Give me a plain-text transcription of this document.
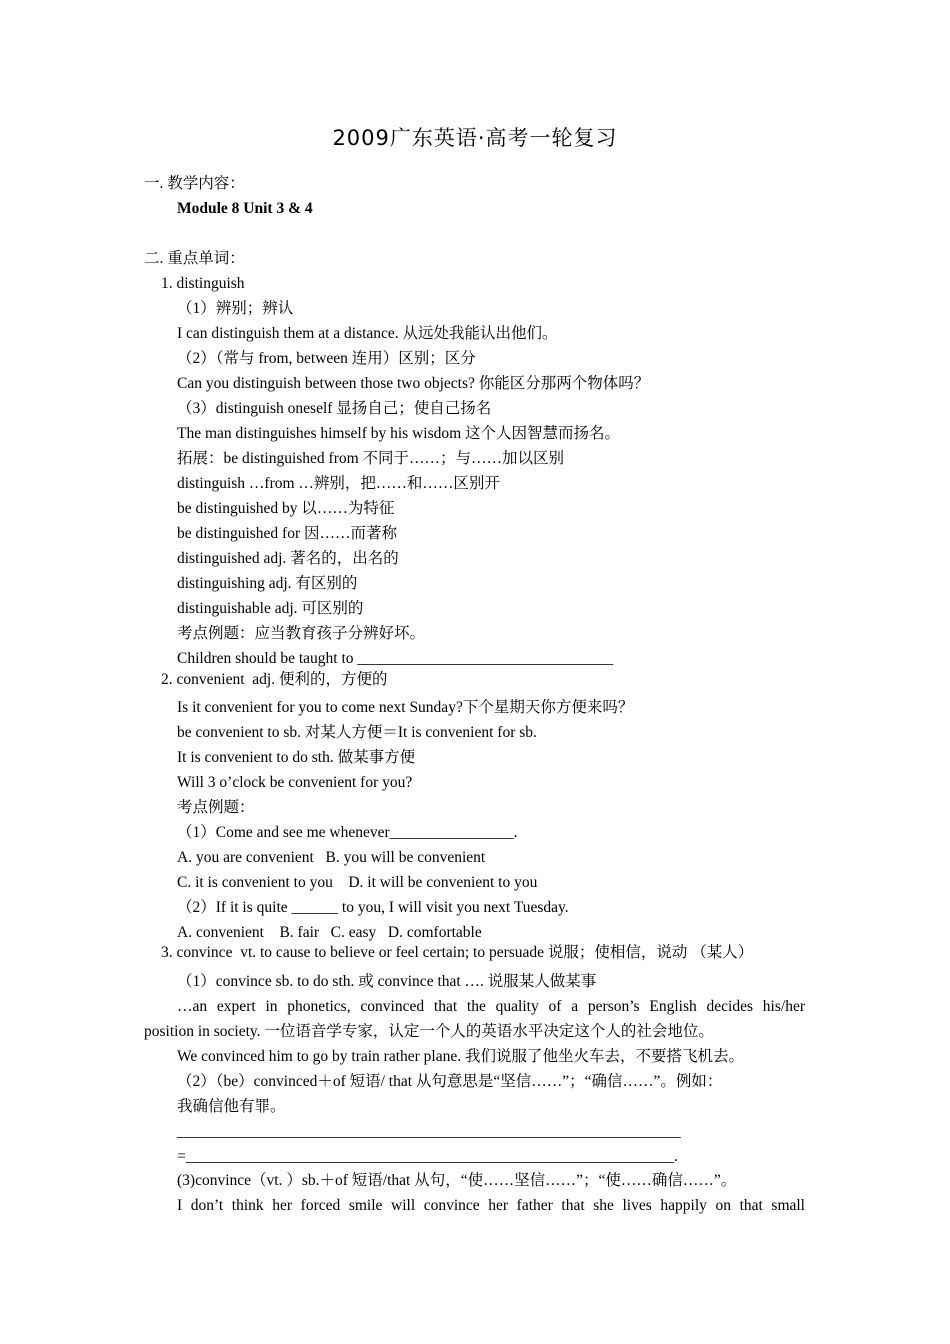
2009广东英语·高考一轮复习
一. 教学内容：
Module 8 Unit 3 & 4
二. 重点单词：
1. distinguish
（1）辨别；辨认
I can distinguish them at a distance. 从远处我能认出他们。
（2）（常与 from, between 连用）区别；区分
Can you distinguish between those two objects? 你能区分那两个物体吗？
（3）distinguish oneself 显扬自己；使自己扬名
The man distinguishes himself by his wisdom 这个人因智慧而扬名。
拓展：be distinguished from 不同于……；与……加以区别
distinguish …from …辨别，把……和……区别开
be distinguished by 以……为特征
be distinguished for 因……而著称
distinguished adj. 著名的，出名的
distinguishing adj. 有区别的
distinguishable adj. 可区别的
考点例题：应当教育孩子分辨好坏。
Children should be taught to _________________________________
2. convenient  adj. 便利的，方便的
Is it convenient for you to come next Sunday?下个星期天你方便来吗？
be convenient to sb. 对某人方便＝It is convenient for sb.
It is convenient to do sth. 做某事方便
Will 3 o’clock be convenient for you?
考点例题：
（1）Come and see me whenever________________.
A. you are convenient   B. you will be convenient
C. it is convenient to you    D. it will be convenient to you
（2）If it is quite ______ to you, I will visit you next Tuesday.
A. convenient    B. fair   C. easy   D. comfortable
3. convince  vt. to cause to believe or feel certain; to persuade 说服；使相信，说动 （某人）
（1）convince sb. to do sth. 或 convince that …. 说服某人做某事
…an expert in phonetics, convinced that the quality of a person’s English decides his/her
position in society. 一位语音学专家，认定一个人的英语水平决定这个人的社会地位。
We convinced him to go by train rather plane. 我们说服了他坐火车去，不要搭飞机去。
（2）（be）convinced＋of 短语/ that 从句意思是“坚信……”；“确信……”。例如：
我确信他有罪。
_________________________________________________________________
=_______________________________________________________________.
(3)convince（vt. ）sb.＋of 短语/that 从句，“使……坚信……”；“使……确信……”。
I don’t think her forced smile will convince her father that she lives happily on that small
